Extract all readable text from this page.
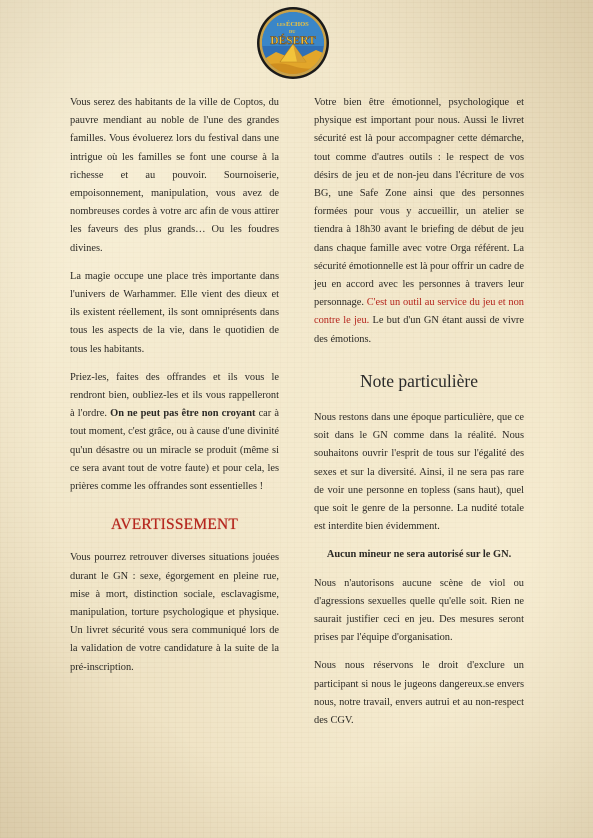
LES ÉCHOS
DU
DÉSERT

Vous serez des habitants de la ville de Coptos, du pauvre mendiant au noble de l'une des grandes familles. Vous évoluerez lors du festival dans une intrigue où les familles se font une course à la richesse et au pouvoir. Sournoiserie, empoisonnement, manipulation, vous avez de nombreuses cordes à votre arc afin de vous attirer les faveurs des plus grands… Ou les foudres divines.

La magie occupe une place très importante dans l'univers de Warhammer. Elle vient des dieux et ils existent réellement, ils sont omniprésents dans tous les aspects de la vie, dans le quotidien de tous les habitants.

Priez-les, faites des offrandes et ils vous le rendront bien, oubliez-les et ils vous rappelleront à l'ordre. On ne peut pas être non croyant car à tout moment, c'est grâce, ou à cause d'une divinité qu'un désastre ou un miracle se produit (même si ce sera avant tout de votre faute) et pour cela, les prières comme les offrandes sont essentielles !

AVERTISSEMENT

Vous pourrez retrouver diverses situations jouées durant le GN : sexe, égorgement en pleine rue, mise à mort, distinction sociale, esclavagisme, manipulation, torture psychologique et physique. Un livret sécurité vous sera communiqué lors de la validation de votre candidature à la suite de la pré-inscription.

Votre bien être émotionnel, psychologique et physique est important pour nous. Aussi le livret sécurité est là pour accompagner cette démarche, tout comme d'autres outils : le respect de vos désirs de jeu et de non-jeu dans l'écriture de vos BG, une Safe Zone ainsi que des personnes formées pour vous y accueillir, un atelier se tiendra à 18h30 avant le briefing de début de jeu dans chaque famille avec votre Orga référent. La sécurité émotionnelle est là pour offrir un cadre de jeu en accord avec les personnes à travers leur personnage. C'est un outil au service du jeu et non contre le jeu. Le but d'un GN étant aussi de vivre des émotions.

Note particulière

Nous restons dans une époque particulière, que ce soit dans le GN comme dans la réalité. Nous souhaitons ouvrir l'esprit de tous sur l'égalité des sexes et sur la diversité. Ainsi, il ne sera pas rare de voir une personne en topless (sans haut), quel que soit le genre de la personne. La nudité totale est interdite bien évidemment.

Aucun mineur ne sera autorisé sur le GN.

Nous n'autorisons aucune scène de viol ou d'agressions sexuelles quelle qu'elle soit. Rien ne saurait justifier ceci en jeu. Des mesures seront prises par l'équipe d'organisation.

Nous nous réservons le droit d'exclure un participant si nous le jugeons dangereux.se envers nous, notre travail, envers autrui et au non-respect des CGV.
